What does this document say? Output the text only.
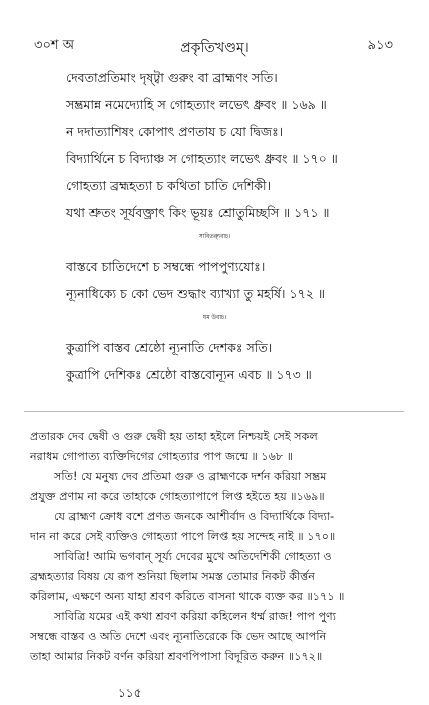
৩০শ অ	প্রকৃতিখণ্ডম্।	৯১৩
দেবতাপ্রতিমাং দৃষ্ট্বা গুরুং বা ব্রাহ্মণং সতি।
সম্ভ্রমান্ন নমেদ্যোহি স গোহত্যাং লভেৎ ধ্রুবং ॥ ১৬৯ ॥
ন দদাত্যাশিষং কোপাৎ প্রণতায চ যো দ্বিজঃ।
বিদ্যার্থিনে চ বিদ্যাঞ্চ স গোহত্যাং লভেৎ ধ্রুবং ॥ ১৭০ ॥
গোহত্যা ব্রহ্মহত্যা চ কথিতা চাতি দেশিকী।
যথা শ্রুতং সূর্যবক্ত্রাৎ কিং ভূয়ঃ শ্রোতুমিচ্ছসি ॥ ১৭১ ॥
সাবিত্র্যুবাচ।
বাস্তবে চাতিদেশে চ সম্বন্ধে পাপপুণ্যযোঃ।
ন্যূনাধিক্যে চ কো ভেদ শুদ্ধাং ব্যাখ্যা তু মহর্ষি। ১৭২ ॥
যম উবাচ।
কুত্রাপি বাস্তব শ্রেষ্ঠো ন্যূনাতি দেশকঃ সতি।
কুত্রাপি দেশিকঃ শ্রেষ্ঠো বাস্তবোন্যূন এবচ ॥ ১৭৩ ॥
প্রতারক দেব দ্বেষী ও গুরু দ্বেষী হয় তাহা হইলে নিশ্চয়ই সেই সকল
নরাধম গোপাত্য ব্যক্তিদিগের গোহত্যার পাপ জন্মে ॥ ১৬৮ ॥
সতি! যে মনুষ্য দেব প্রতিমা গুরু ও ব্রাহ্মণকে দর্শন করিয়া সম্ভ্রম
প্রযুক্ত প্রণাম না করে তাহাকে গোহত্যাপাপে লিপ্ত হইতে হয় ॥১৬৯॥
যে ব্রাহ্মণ ক্রোধ বশে প্রণত জনকে আশীর্বাদ ও বিদ্যার্থিকে বিদ্যা-
দান না করে সেই ব্যক্তিও গোহত্যা পাপে লিপ্ত হয় সন্দেহ নাই ॥ ১৭০॥
সাবিত্রি! আমি ভগবান্ সূর্য্য দেবের মুখে অতিদেশিকী গোহত্যা ও
ব্রহ্মহত্যার বিষয় যে রূপ শুনিয়া ছিলাম সমস্ত তোমার নিকট কীর্ত্তন
করিলাম, এক্ষণে অন্য যাহা শ্রবণ করিতে বাসনা থাকে ব্যক্ত কর ॥১৭১ ॥
সাবিত্রি যমের এই কথা শ্রবণ করিয়া কহিলেন ধর্ম্ম রাজ! পাপ পুণ্য
সম্বন্ধে বাস্তব ও অতি দেশে এবং ন্যূনাতিরেকে কি ভেদ আছে আপনি
তাহা আমার নিকট বর্ণন করিয়া শ্রবণপিপাসা বিদূরিত করুন ॥১৭২॥
১১৫
